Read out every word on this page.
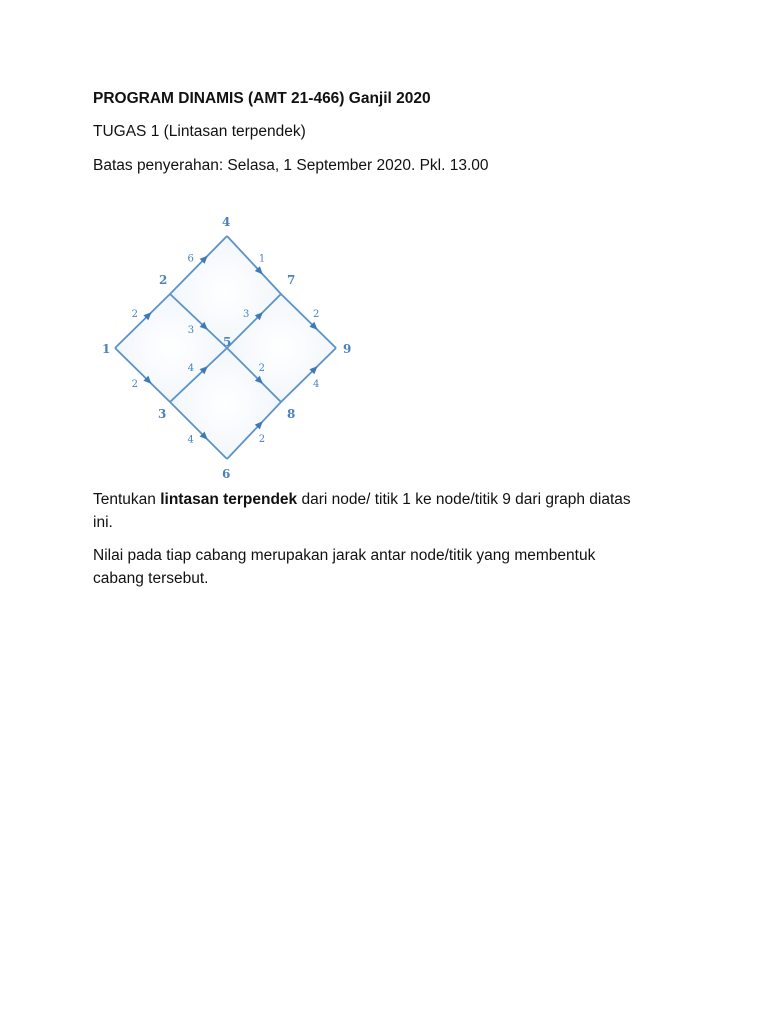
PROGRAM DINAMIS (AMT 21-466) Ganjil 2020
TUGAS 1 (Lintasan terpendek)
Batas penyerahan: Selasa, 1 September 2020. Pkl. 13.00
2
2
6
3
4
4
1
3
2
2
2
4
1
2
3
4
5
6
7
8
9
Tentukan lintasan terpendek dari node/ titik 1 ke node/titik 9 dari graph diatas
ini.
Nilai pada tiap cabang merupakan jarak antar node/titik yang membentuk
cabang tersebut.
